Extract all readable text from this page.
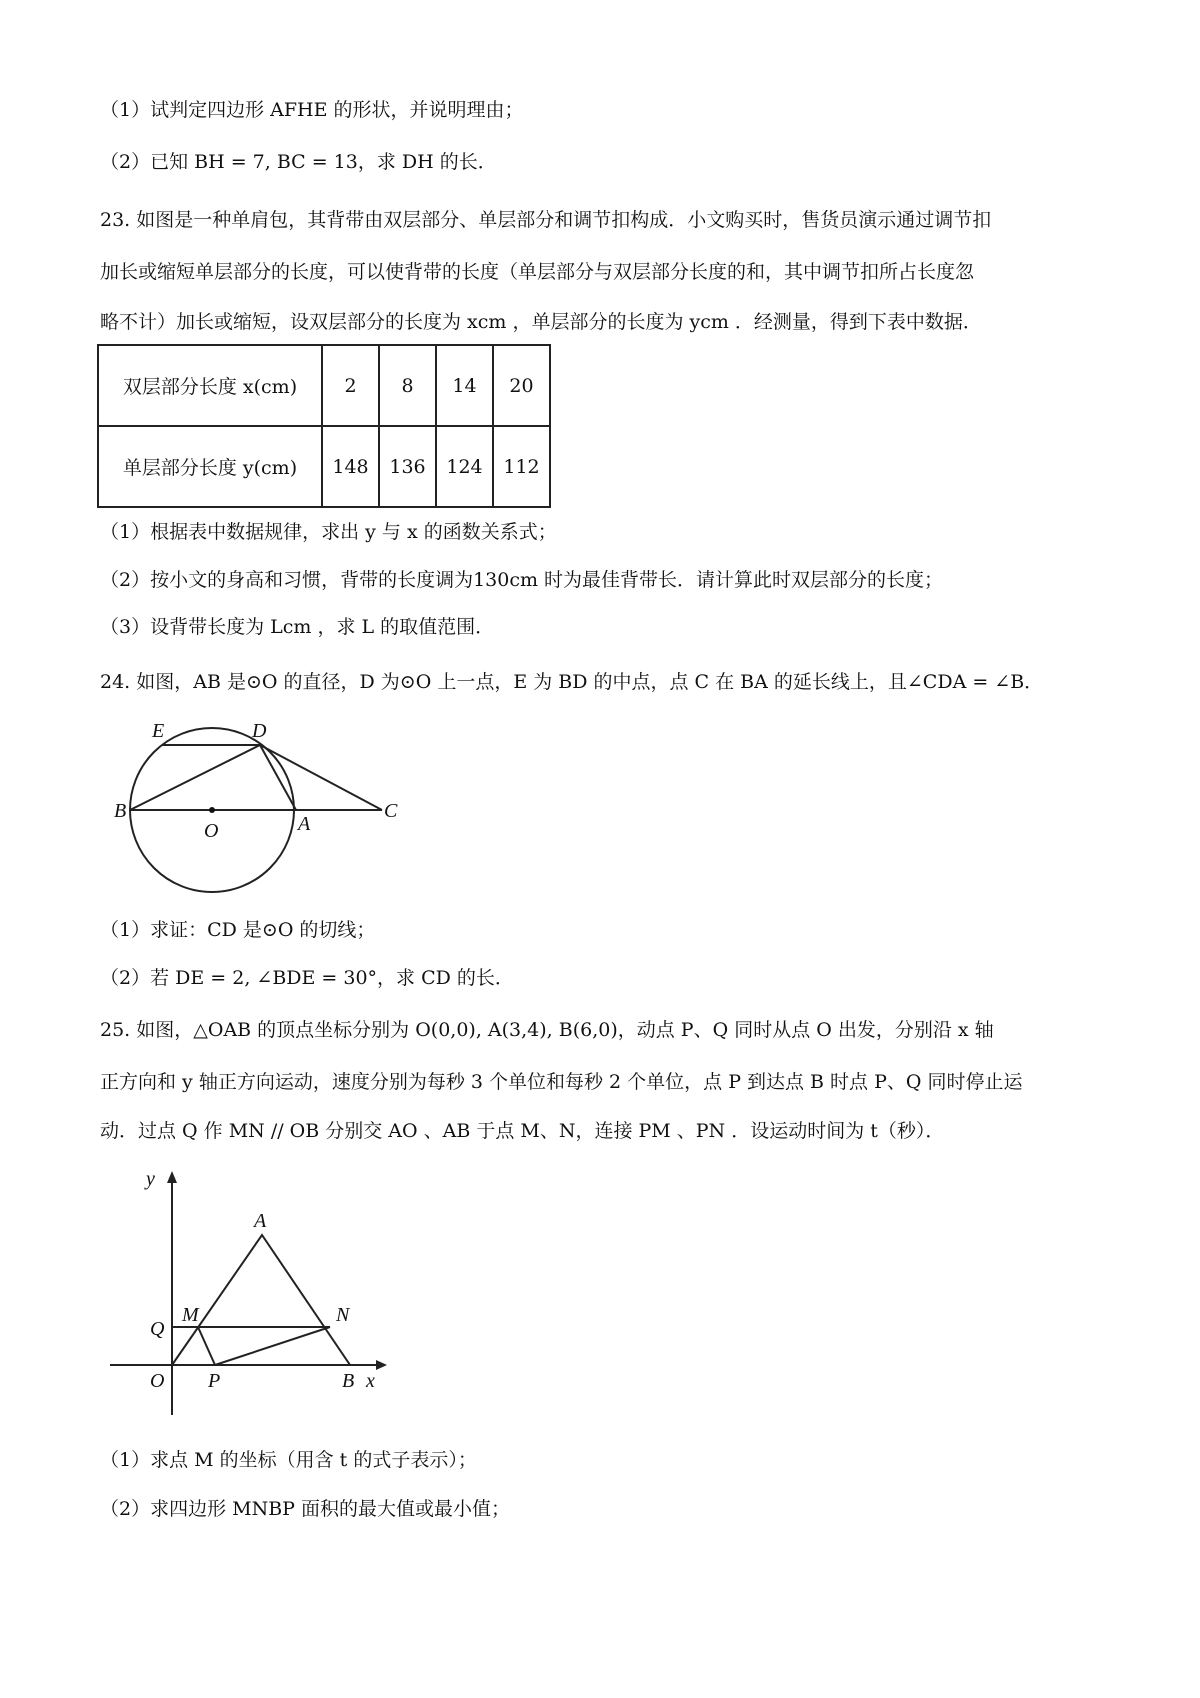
（1）试判定四边形 AFHE 的形状，并说明理由；
（2）已知 BH = 7, BC = 13，求 DH 的长．
23. 如图是一种单肩包，其背带由双层部分、单层部分和调节扣构成．小文购买时，售货员演示通过调节扣
加长或缩短单层部分的长度，可以使背带的长度（单层部分与双层部分长度的和，其中调节扣所占长度忽
略不计）加长或缩短，设双层部分的长度为 xcm ，单层部分的长度为 ycm ．经测量，得到下表中数据．
双层部分长度 x(cm)	2	8	14	20
单层部分长度 y(cm)	148	136	124	112
（1）根据表中数据规律，求出 y 与 x 的函数关系式；
（2）按小文的身高和习惯，背带的长度调为130cm 时为最佳背带长．请计算此时双层部分的长度；
（3）设背带长度为 Lcm ，求 L 的取值范围．
24. 如图，AB 是⊙O 的直径，D 为⊙O 上一点，E 为 BD 的中点，点 C 在 BA 的延长线上，且∠CDA = ∠B．
E	D
B
O	A
C
（1）求证：CD 是⊙O 的切线；
（2）若 DE = 2, ∠BDE = 30°，求 CD 的长．
25. 如图，△OAB 的顶点坐标分别为 O(0,0), A(3,4), B(6,0)，动点 P、Q 同时从点 O 出发，分别沿 x 轴
正方向和 y 轴正方向运动，速度分别为每秒 3 个单位和每秒 2 个单位，点 P 到达点 B 时点 P、Q 同时停止运
动．过点 Q 作 MN // OB 分别交 AO 、AB 于点 M、N，连接 PM 、PN ．设运动时间为 t（秒）．
y
A
Q
M	N
O P	B x
（1）求点 M 的坐标（用含 t 的式子表示）；
（2）求四边形 MNBP 面积的最大值或最小值；
